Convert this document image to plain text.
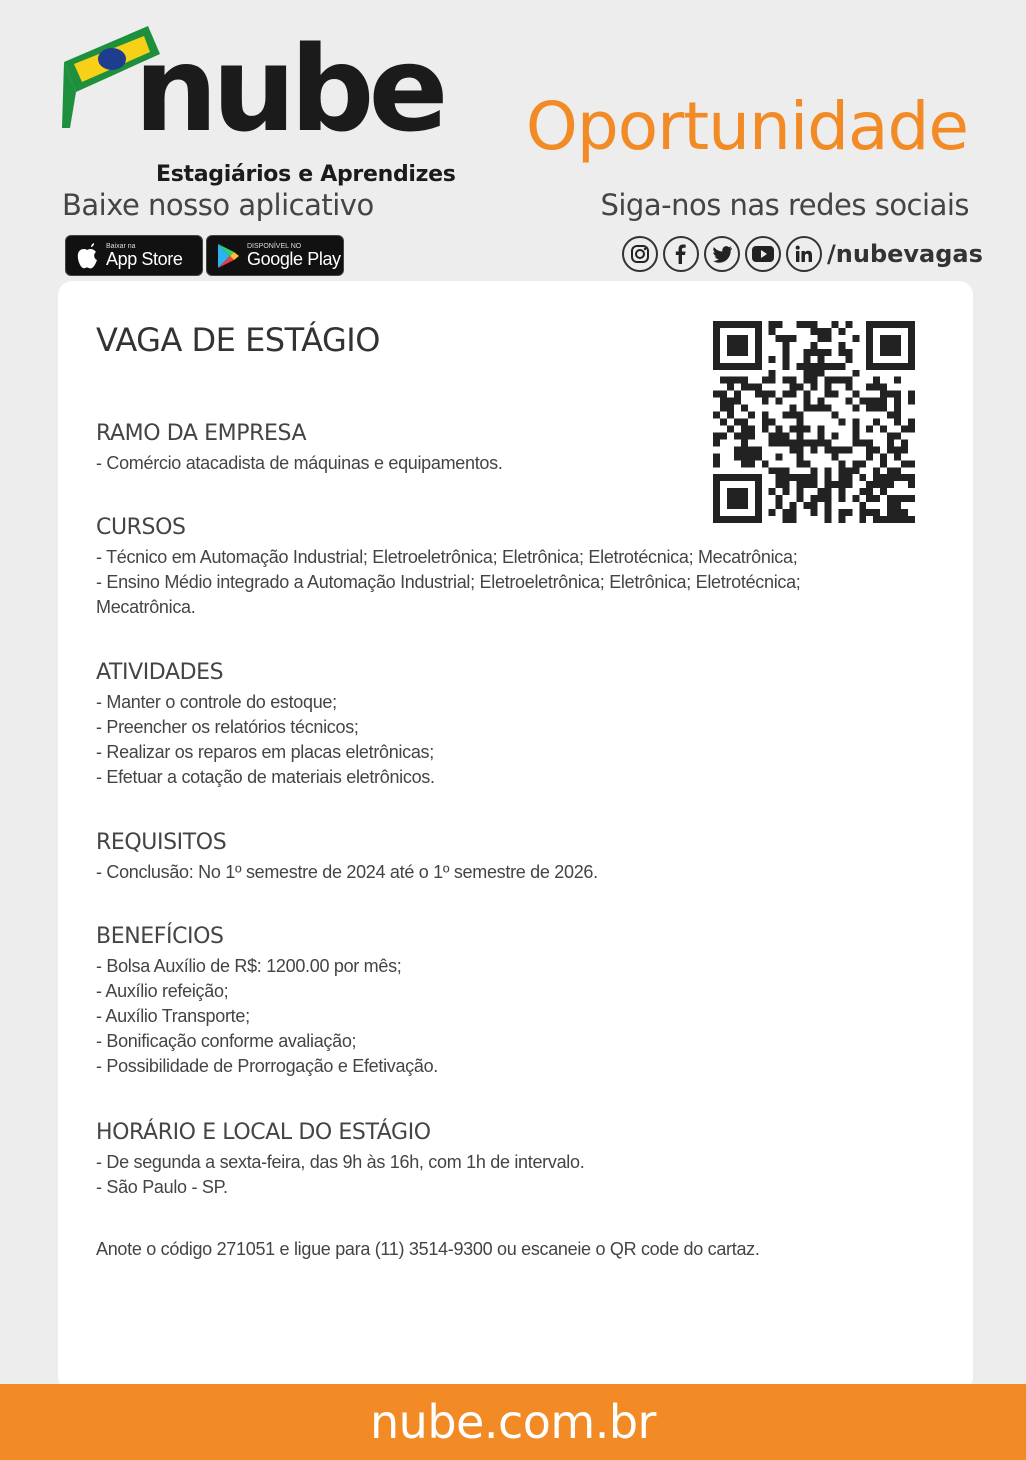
nube
Estagiários e Aprendizes
Oportunidade
Baixe nosso aplicativo	Siga-nos nas redes sociais
Baixar na
App Store
DISPONÍVEL NO
Google Play	/nubevagas
VAGA DE ESTÁGIO
RAMO DA EMPRESA
- Comércio atacadista de máquinas e equipamentos.
CURSOS
- Técnico em Automação Industrial; Eletroeletrônica; Eletrônica; Eletrotécnica; Mecatrônica;
- Ensino Médio integrado a Automação Industrial; Eletroeletrônica; Eletrônica; Eletrotécnica;
Mecatrônica.
ATIVIDADES
- Manter o controle do estoque;
- Preencher os relatórios técnicos;
- Realizar os reparos em placas eletrônicas;
- Efetuar a cotação de materiais eletrônicos.
REQUISITOS
- Conclusão: No 1º semestre de 2024 até o 1º semestre de 2026.
BENEFÍCIOS
- Bolsa Auxílio de R$: 1200.00 por mês;
- Auxílio refeição;
- Auxílio Transporte;
- Bonificação conforme avaliação;
- Possibilidade de Prorrogação e Efetivação.
HORÁRIO E LOCAL DO ESTÁGIO
- De segunda a sexta-feira, das 9h às 16h, com 1h de intervalo.
- São Paulo - SP.
Anote o código 271051 e ligue para (11) 3514-9300 ou escaneie o QR code do cartaz.
nube.com.br
